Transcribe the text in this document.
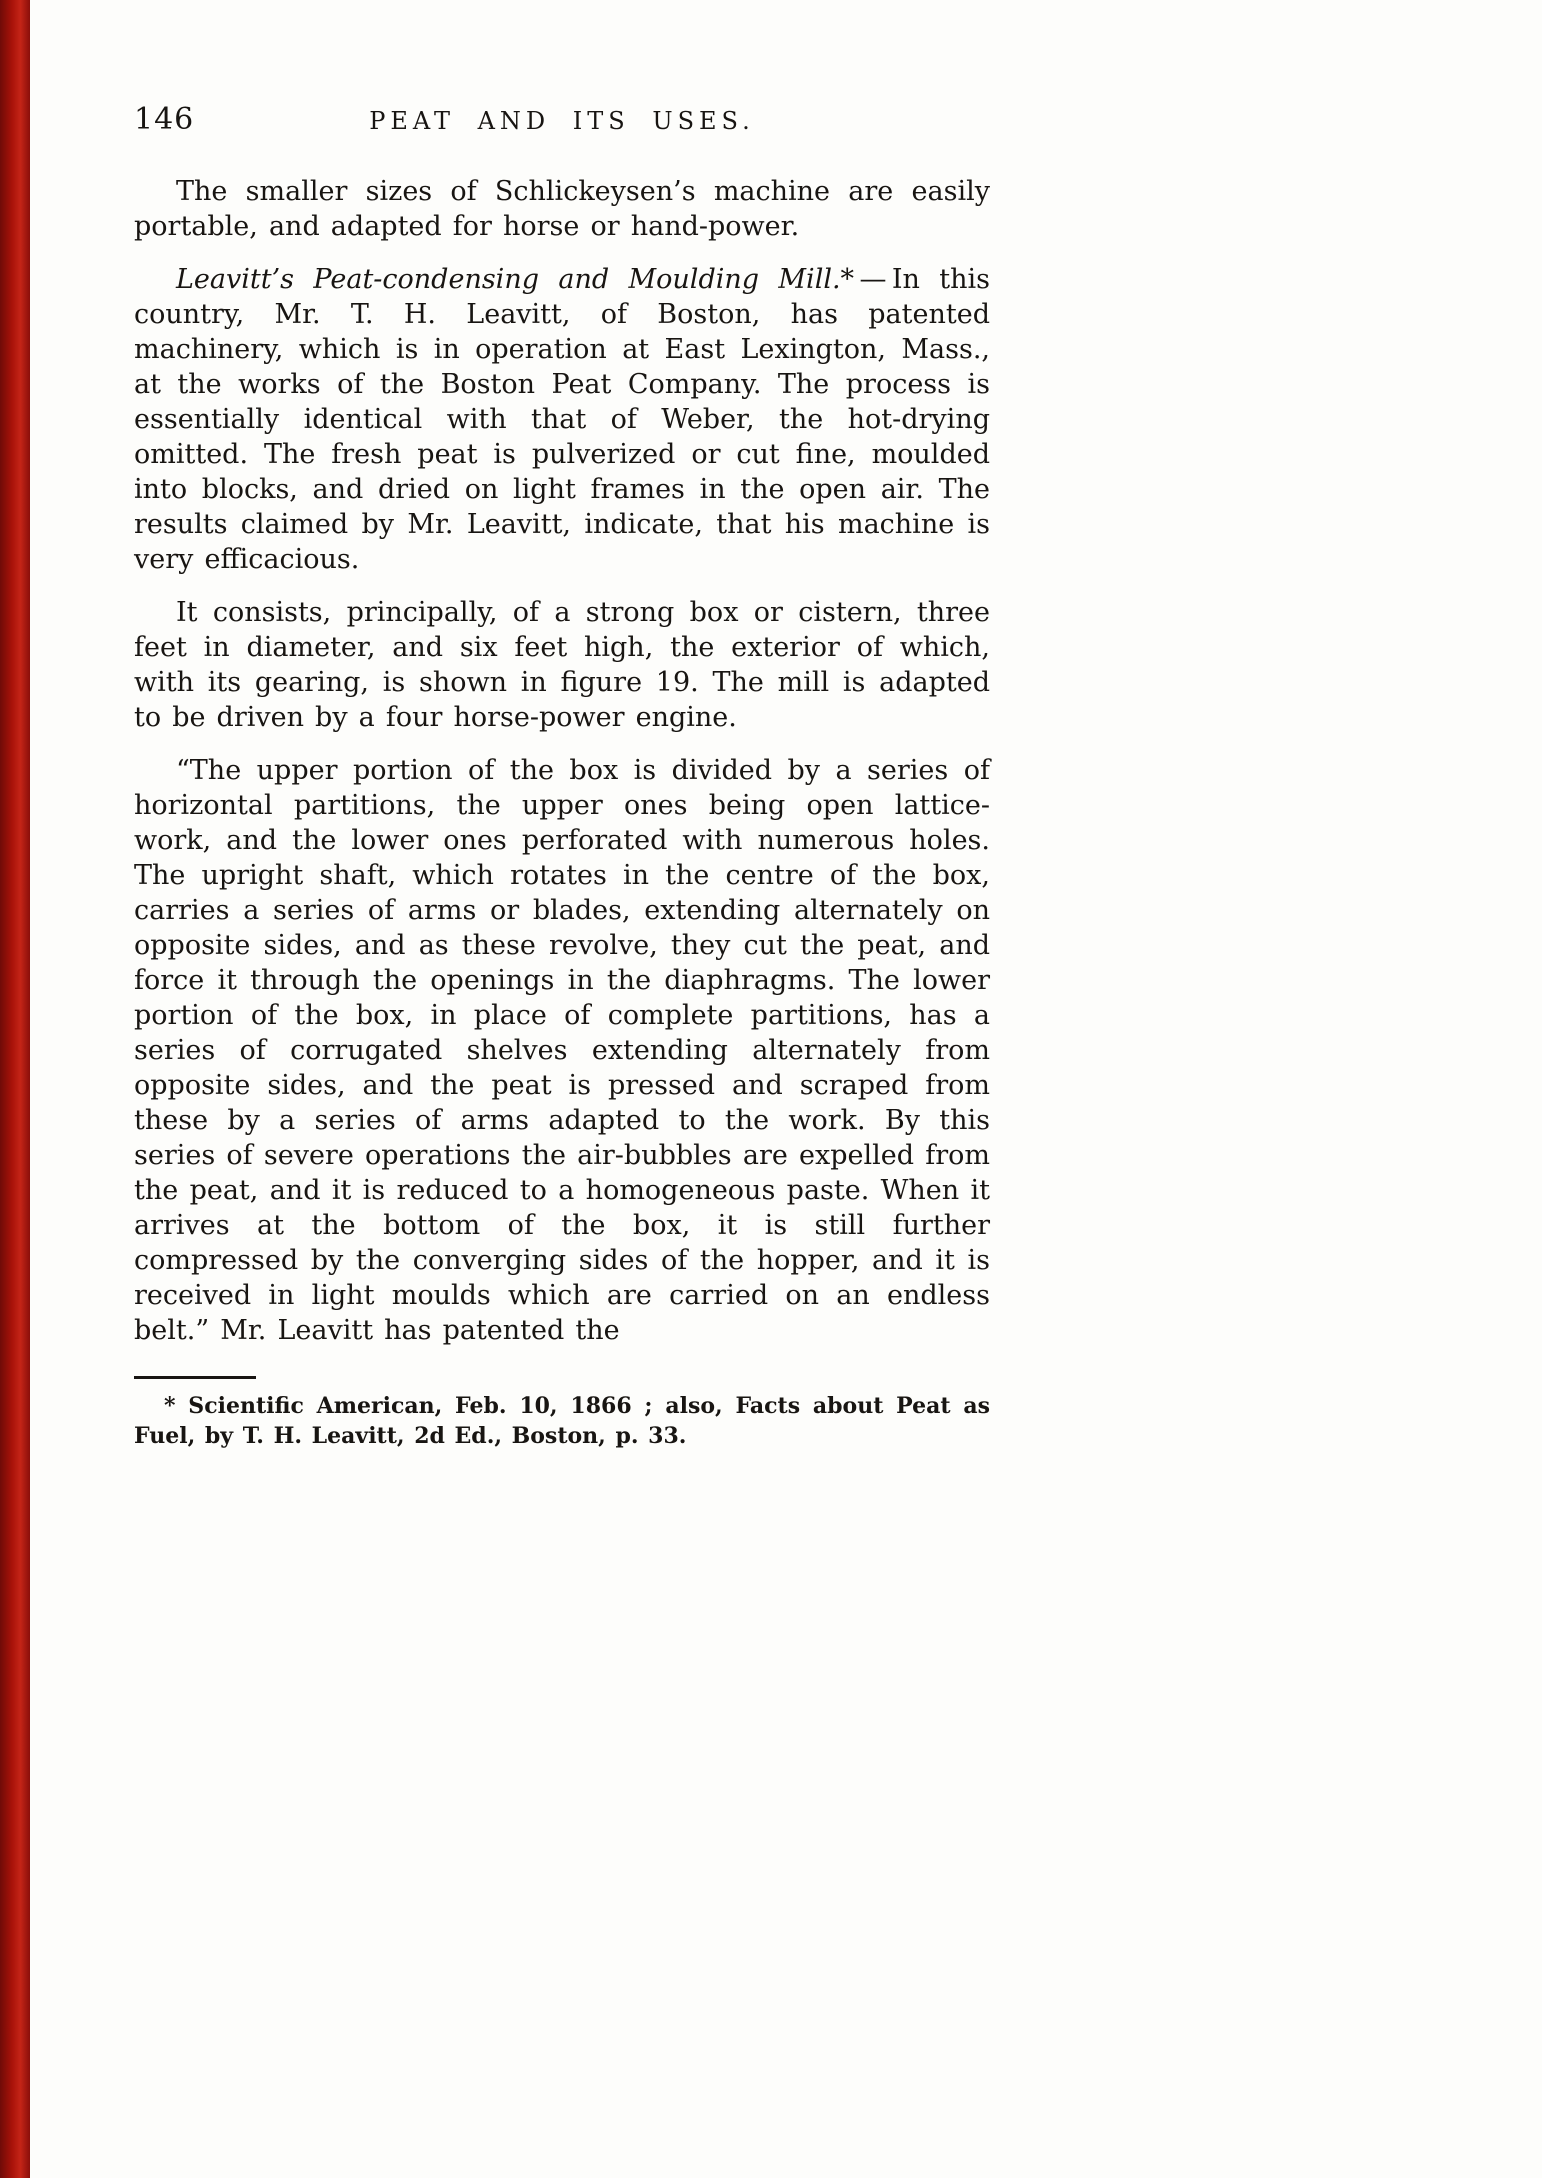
146	PEAT AND ITS USES.

The smaller sizes of Schlickeysen’s machine are easily portable, and adapted for horse or hand-power.

Leavitt’s Peat-condensing and Moulding Mill.* — In this country, Mr. T. H. Leavitt, of Boston, has patented machinery, which is in operation at East Lexington, Mass., at the works of the Boston Peat Company. The process is essentially identical with that of Weber, the hot-drying omitted. The fresh peat is pulverized or cut fine, moulded into blocks, and dried on light frames in the open air. The results claimed by Mr. Leavitt, indicate, that his machine is very efficacious.

It consists, principally, of a strong box or cistern, three feet in diameter, and six feet high, the exterior of which, with its gearing, is shown in figure 19. The mill is adapted to be driven by a four horse-power engine.

“The upper portion of the box is divided by a series of horizontal partitions, the upper ones being open lattice-work, and the lower ones perforated with numerous holes. The upright shaft, which rotates in the centre of the box, carries a series of arms or blades, extending alternately on opposite sides, and as these revolve, they cut the peat, and force it through the openings in the diaphragms. The lower portion of the box, in place of complete partitions, has a series of corrugated shelves extending alternately from opposite sides, and the peat is pressed and scraped from these by a series of arms adapted to the work. By this series of severe operations the air-bubbles are expelled from the peat, and it is reduced to a homogeneous paste. When it arrives at the bottom of the box, it is still further compressed by the converging sides of the hopper, and it is received in light moulds which are carried on an endless belt.” Mr. Leavitt has patented the

* Scientific American, Feb. 10, 1866 ; also, Facts about Peat as Fuel, by T. H. Leavitt, 2d Ed., Boston, p. 33.
